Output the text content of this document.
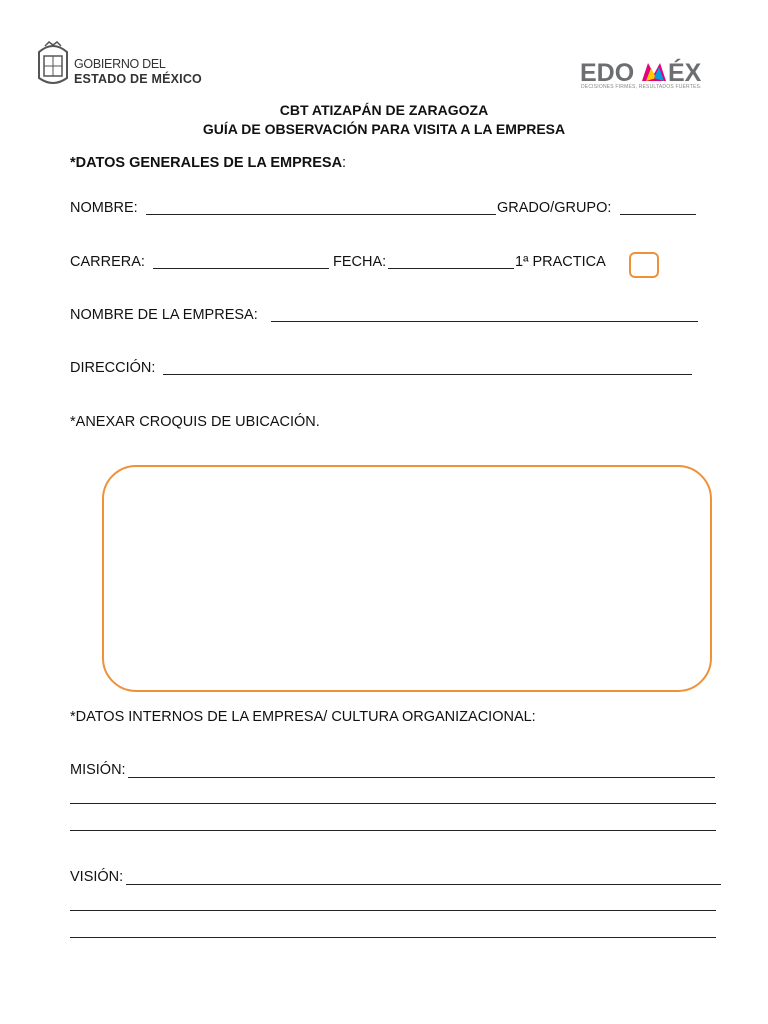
GOBIERNO DEL
ESTADO DE MÉXICO	EDO ÉX
DECISIONES FIRMES, RESULTADOS FUERTES.
CBT ATIZAPÁN DE ZARAGOZA
GUÍA DE OBSERVACIÓN PARA VISITA A LA EMPRESA
*DATOS GENERALES DE LA EMPRESA:
NOMBRE:	GRADO/GRUPO:
CARRERA:	FECHA:	1ª PRACTICA
NOMBRE DE LA EMPRESA:
DIRECCIÓN:
*ANEXAR CROQUIS DE UBICACIÓN.
*DATOS INTERNOS DE LA EMPRESA/ CULTURA ORGANIZACIONAL:
MISIÓN:
VISIÓN:
